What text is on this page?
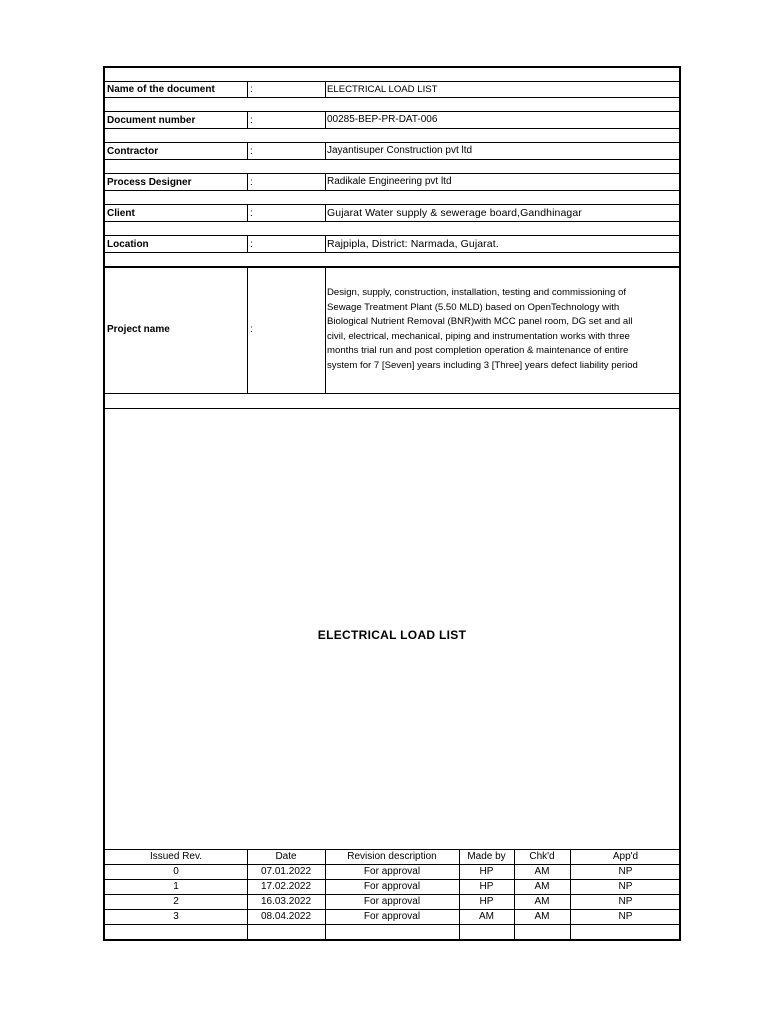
Name of the document	:	ELECTRICAL LOAD LIST
Document number	:	00285-BEP-PR-DAT-006
Contractor	:	Jayantisuper Construction pvt ltd
Process Designer	:	Radikale Engineering pvt ltd
Client	:	Gujarat Water supply & sewerage board,Gandhinagar
Location	:	Rajpipla, District: Narmada, Gujarat.
Project name	:
Design, supply, construction, installation, testing and commissioning of
Sewage Treatment Plant (5.50 MLD) based on OpenTechnology with
Biological Nutrient Removal (BNR)with MCC panel room, DG set and all
civil, electrical, mechanical, piping and instrumentation works with three
months trial run and post completion operation & maintenance of entire
system for 7 [Seven] years including 3 [Three] years defect liability period
ELECTRICAL LOAD LIST
Issued Rev.	Date	Revision description	Made by	Chk'd	App'd
0	07.01.2022	For approval	HP	AM	NP
1	17.02.2022	For approval	HP	AM	NP
2	16.03.2022	For approval	HP	AM	NP
3	08.04.2022	For approval	AM	AM	NP
